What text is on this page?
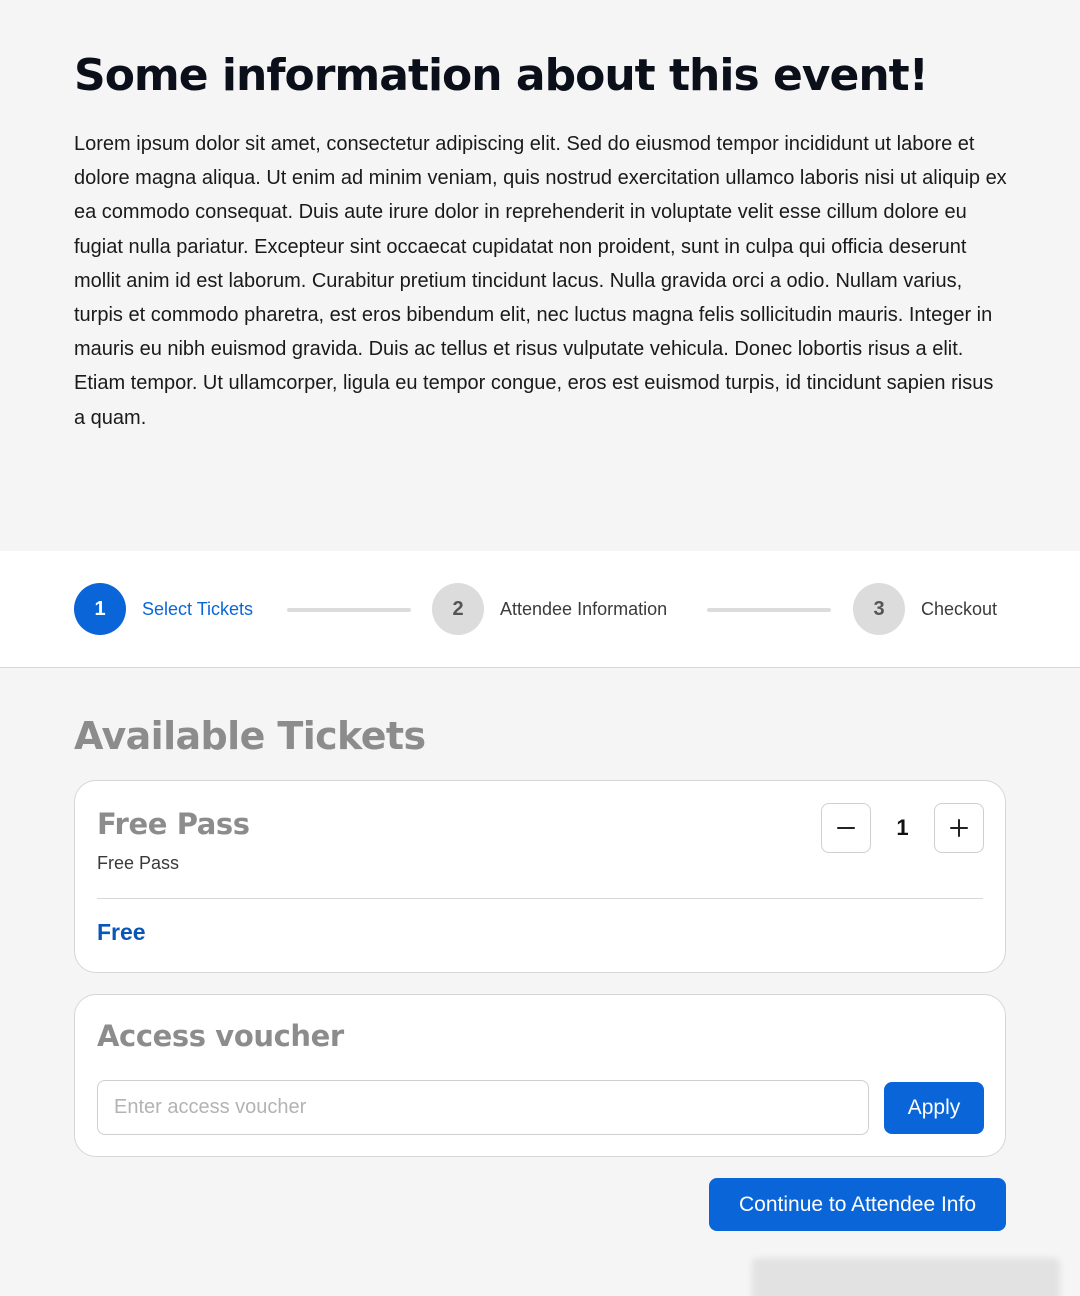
Some information about this event!

Lorem ipsum dolor sit amet, consectetur adipiscing elit. Sed do eiusmod tempor incididunt ut labore et dolore magna aliqua. Ut enim ad minim veniam, quis nostrud exercitation ullamco laboris nisi ut aliquip ex ea commodo consequat. Duis aute irure dolor in reprehenderit in voluptate velit esse cillum dolore eu fugiat nulla pariatur. Excepteur sint occaecat cupidatat non proident, sunt in culpa qui officia deserunt mollit anim id est laborum. Curabitur pretium tincidunt lacus. Nulla gravida orci a odio. Nullam varius, turpis et commodo pharetra, est eros bibendum elit, nec luctus magna felis sollicitudin mauris. Integer in mauris eu nibh euismod gravida. Duis ac tellus et risus vulputate vehicula. Donec lobortis risus a elit. Etiam tempor. Ut ullamcorper, ligula eu tempor congue, eros est euismod turpis, id tincidunt sapien risus a quam.

1	Select Tickets	2	Attendee Information	3	Checkout
Available Tickets
Free Pass
Free Pass
1
Free
Access voucher
Enter access voucher
Apply
Continue to Attendee Info
